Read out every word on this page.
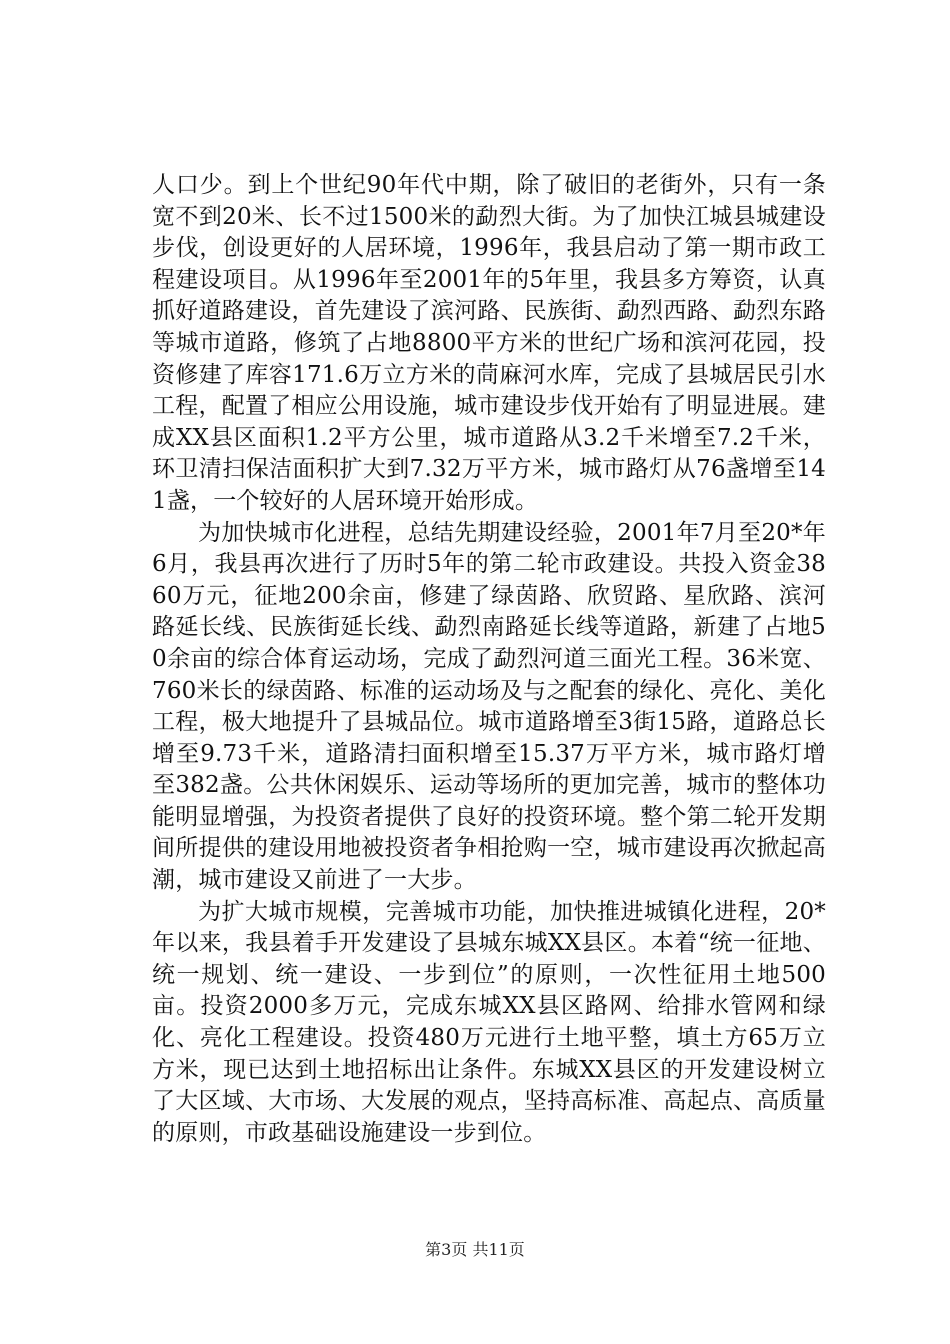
人口少。到上个世纪90年代中期，除了破旧的老街外，只有一条宽不到20米、长不过1500米的勐烈大街。为了加快江城县城建设步伐，创设更好的人居环境，1996年，我县启动了第一期市政工程建设项目。从1996年至2001年的5年里，我县多方筹资，认真抓好道路建设，首先建设了滨河路、民族街、勐烈西路、勐烈东路等城市道路，修筑了占地8800平方米的世纪广场和滨河花园，投资修建了库容171.6万立方米的茼麻河水库，完成了县城居民引水工程，配置了相应公用设施，城市建设步伐开始有了明显进展。建成XX县区面积1.2平方公里，城市道路从3.2千米增至7.2千米，环卫清扫保洁面积扩大到7.32万平方米，城市路灯从76盏增至141盏，一个较好的人居环境开始形成。

为加快城市化进程，总结先期建设经验，2001年7月至20*年6月，我县再次进行了历时5年的第二轮市政建设。共投入资金3860万元，征地200余亩，修建了绿茵路、欣贸路、星欣路、滨河路延长线、民族街延长线、勐烈南路延长线等道路，新建了占地50余亩的综合体育运动场，完成了勐烈河道三面光工程。36米宽、760米长的绿茵路、标准的运动场及与之配套的绿化、亮化、美化工程，极大地提升了县城品位。城市道路增至3街15路，道路总长增至9.73千米，道路清扫面积增至15.37万平方米，城市路灯增至382盏。公共休闲娱乐、运动等场所的更加完善，城市的整体功能明显增强，为投资者提供了良好的投资环境。整个第二轮开发期间所提供的建设用地被投资者争相抢购一空，城市建设再次掀起高潮，城市建设又前进了一大步。

为扩大城市规模，完善城市功能，加快推进城镇化进程，20*年以来，我县着手开发建设了县城东城XX县区。本着“统一征地、统一规划、统一建设、一步到位”的原则，一次性征用土地500亩。投资2000多万元，完成东城XX县区路网、给排水管网和绿化、亮化工程建设。投资480万元进行土地平整，填土方65万立方米，现已达到土地招标出让条件。东城XX县区的开发建设树立了大区域、大市场、大发展的观点，坚持高标准、高起点、高质量的原则，市政基础设施建设一步到位。

第3页 共11页
